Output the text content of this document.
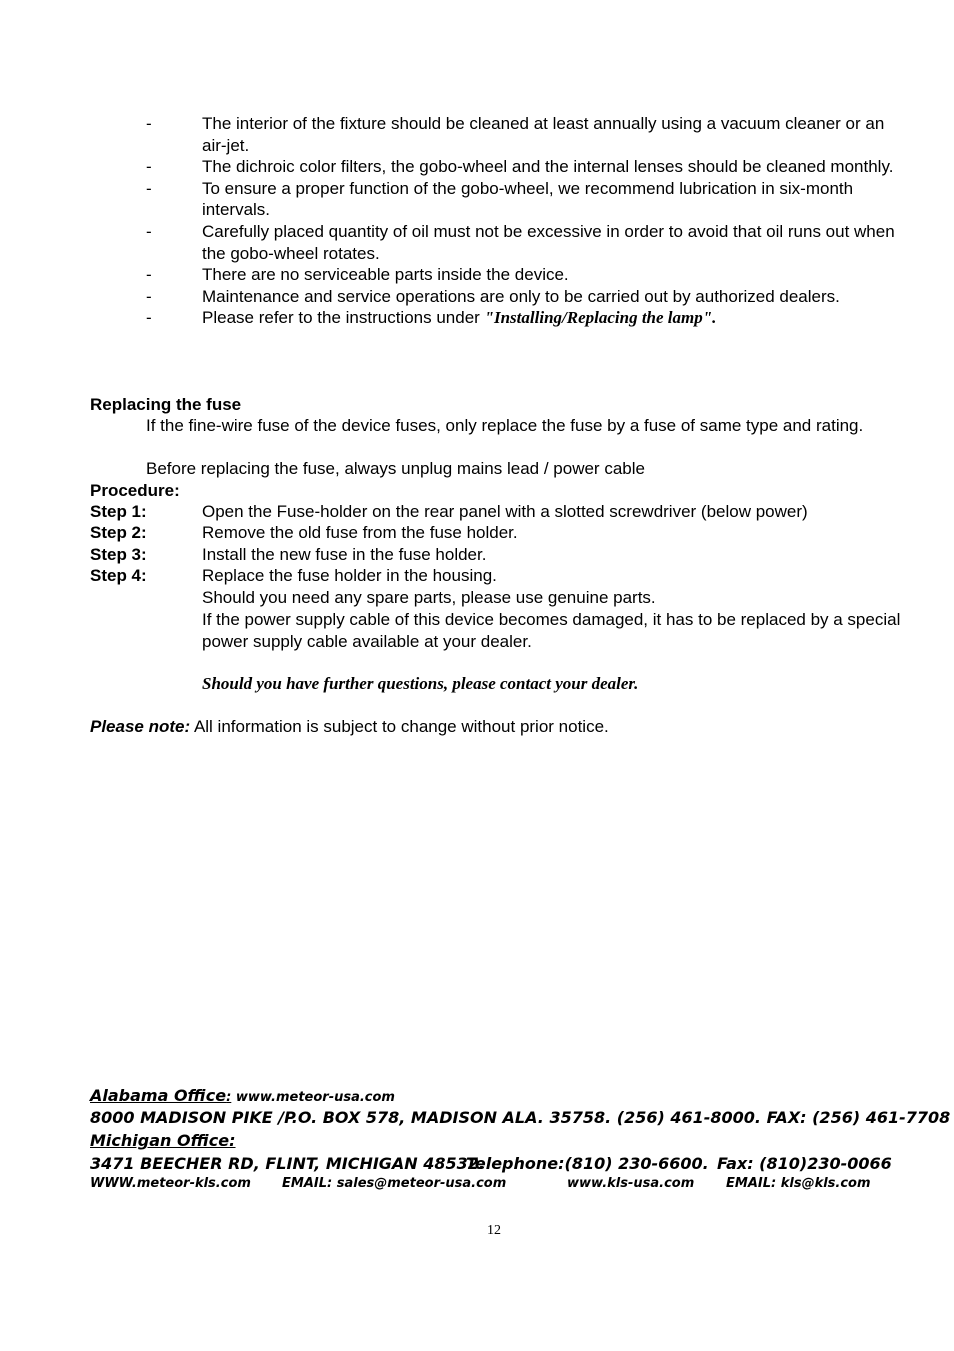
-	The interior of the fixture should be cleaned at least annually using a vacuum cleaner or an air-jet.
-	The dichroic color filters, the gobo-wheel and the internal lenses should be cleaned monthly.
-	To ensure a proper function of the gobo-wheel, we recommend lubrication in six-month intervals.
-	Carefully placed quantity of oil must not be excessive in order to avoid that oil runs out when the gobo-wheel rotates.
-	There are no serviceable parts inside the device.
-	Maintenance and service operations are only to be carried out by authorized dealers.
-	Please refer to the instructions under "Installing/Replacing the lamp".
Replacing the fuse
If the fine-wire fuse of the device fuses, only replace the fuse by a fuse of same type and rating.
Before replacing the fuse, always unplug mains lead / power cable
Procedure:
Step 1:	Open the Fuse-holder on the rear panel with a slotted screwdriver (below power)
Step 2:	Remove the old fuse from the fuse holder.
Step 3:	Install the new fuse in the fuse holder.
Step 4:	Replace the fuse holder in the housing.
Should you need any spare parts, please use genuine parts.
If the power supply cable of this device becomes damaged, it has to be replaced by a special power supply cable available at your dealer.
Should you have further questions, please contact your dealer.
Please note: All information is subject to change without prior notice.
Alabama Office: www.meteor-usa.com
8000 MADISON PIKE /P.O. BOX 578, MADISON ALA. 35758. (256) 461-8000. FAX: (256) 461-7708
Michigan Office:
3471 BEECHER RD, FLINT, MICHIGAN 48532.
Telephone:(810) 230-6600. Fax: (810)230-0066
WWW.meteor-kls.com EMAIL: sales@meteor-usa.com	www.kls-usa.com EMAIL: kls@kls.com
12
